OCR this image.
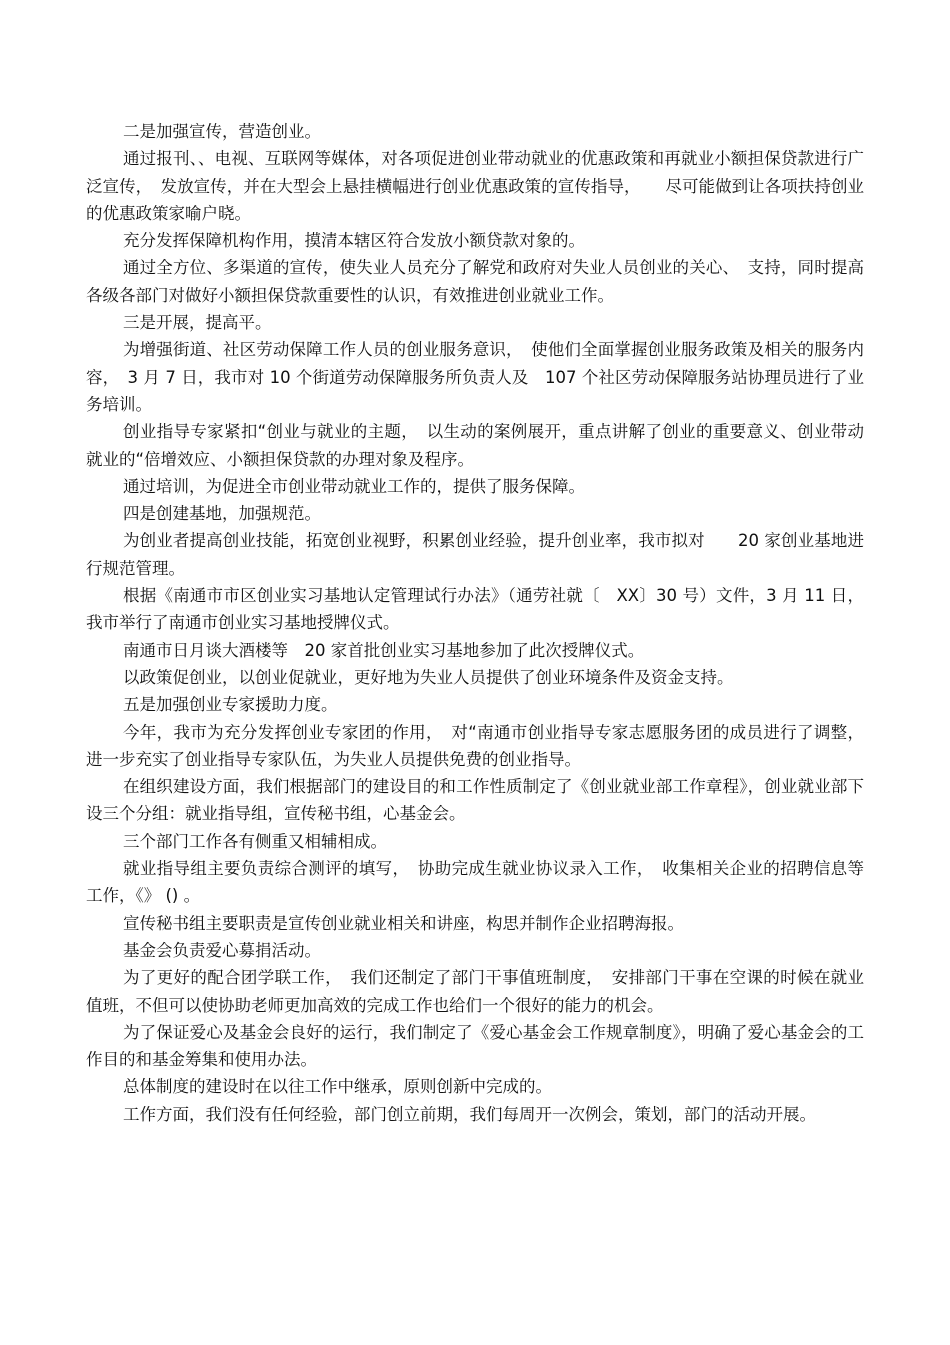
二是加强宣传，营造创业。

通过报刊、、电视、互联网等媒体，对各项促进创业带动就业的优惠政策和再就业小额担保贷款进行广泛宣传，　发放宣传，并在大型会上悬挂横幅进行创业优惠政策的宣传指导，　　尽可能做到让各项扶持创业的优惠政策家喻户晓。

充分发挥保障机构作用，摸清本辖区符合发放小额贷款对象的。

通过全方位、多渠道的宣传，使失业人员充分了解党和政府对失业人员创业的关心、　支持，同时提高各级各部门对做好小额担保贷款重要性的认识，有效推进创业就业工作。

三是开展，提高平。

为增强街道、社区劳动保障工作人员的创业服务意识，　使他们全面掌握创业服务政策及相关的服务内容，　3 月 7 日，我市对 10 个街道劳动保障服务所负责人及　107 个社区劳动保障服务站协理员进行了业务培训。

创业指导专家紧扣“创业与就业的主题，　以生动的案例展开，重点讲解了创业的重要意义、创业带动就业的“倍增效应、小额担保贷款的办理对象及程序。

通过培训，为促进全市创业带动就业工作的，提供了服务保障。

四是创建基地，加强规范。

为创业者提高创业技能，拓宽创业视野，积累创业经验，提升创业率，我市拟对　　20 家创业基地进行规范管理。

根据《南通市市区创业实习基地认定管理试行办法》（通劳社就〔　XX〕30 号）文件，3 月 11 日，我市举行了南通市创业实习基地授牌仪式。

南通市日月谈大酒楼等　20 家首批创业实习基地参加了此次授牌仪式。

以政策促创业，以创业促就业，更好地为失业人员提供了创业环境条件及资金支持。

五是加强创业专家援助力度。

今年，我市为充分发挥创业专家团的作用，　对“南通市创业指导专家志愿服务团的成员进行了调整，进一步充实了创业指导专家队伍，为失业人员提供免费的创业指导。

在组织建设方面，我们根据部门的建设目的和工作性质制定了《创业就业部工作章程》，创业就业部下设三个分组：就业指导组，宣传秘书组，心基金会。

三个部门工作各有侧重又相辅相成。

就业指导组主要负责综合测评的填写，　协助完成生就业协议录入工作，　收集相关企业的招聘信息等工作，《》 () 。

宣传秘书组主要职责是宣传创业就业相关和讲座，构思并制作企业招聘海报。

基金会负责爱心募捐活动。

为了更好的配合团学联工作，　我们还制定了部门干事值班制度，　安排部门干事在空课的时候在就业值班，不但可以使协助老师更加高效的完成工作也给们一个很好的能力的机会。

为了保证爱心及基金会良好的运行，我们制定了《爱心基金会工作规章制度》，明确了爱心基金会的工作目的和基金筹集和使用办法。

总体制度的建设时在以往工作中继承，原则创新中完成的。

工作方面，我们没有任何经验，部门创立前期，我们每周开一次例会，策划，部门的活动开展。
